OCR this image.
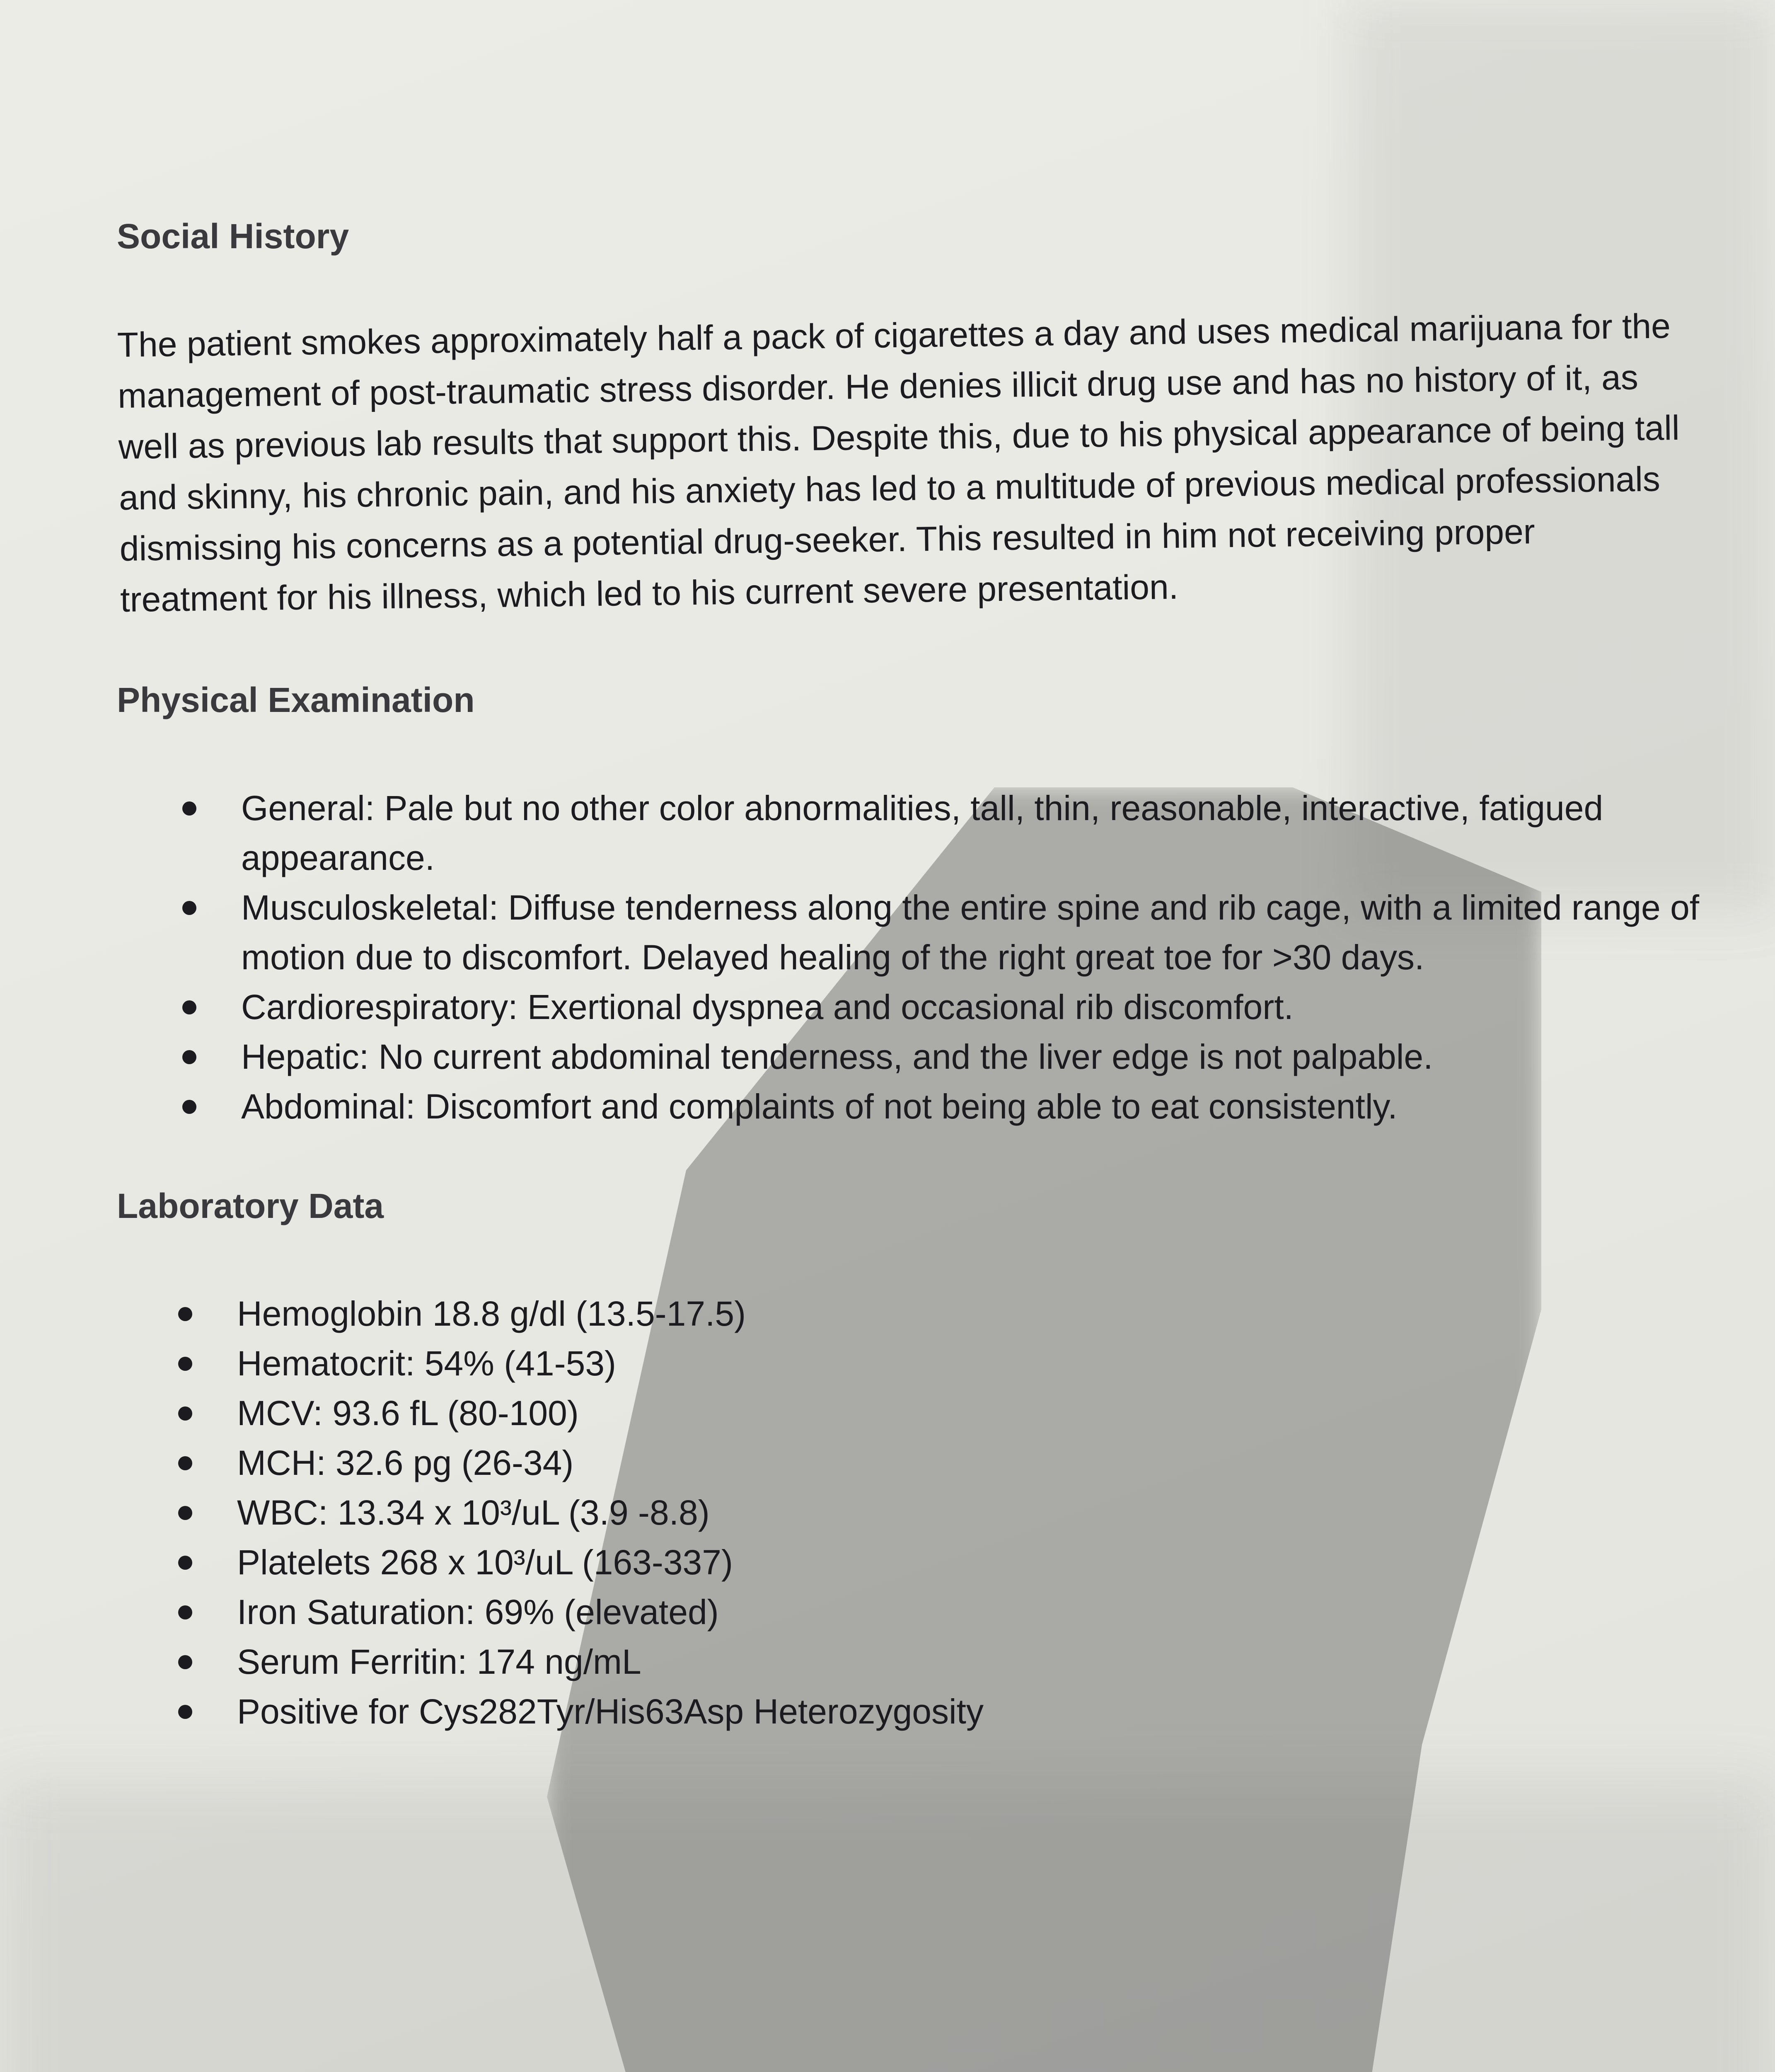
Social History

The patient smokes approximately half a pack of cigarettes a day and uses medical marijuana for the management of post-traumatic stress disorder. He denies illicit drug use and has no history of it, as well as previous lab results that support this. Despite this, due to his physical appearance of being tall and skinny, his chronic pain, and his anxiety has led to a multitude of previous medical professionals dismissing his concerns as a potential drug-seeker. This resulted in him not receiving proper treatment for his illness, which led to his current severe presentation.

Physical Examination
General: Pale but no other color abnormalities, tall, thin, reasonable, interactive, fatigued appearance.
Musculoskeletal: Diffuse tenderness along the entire spine and rib cage, with a limited range of motion due to discomfort. Delayed healing of the right great toe for >30 days.
Cardiorespiratory: Exertional dyspnea and occasional rib discomfort.
Hepatic: No current abdominal tenderness, and the liver edge is not palpable.
Abdominal: Discomfort and complaints of not being able to eat consistently.
Laboratory Data
Hemoglobin 18.8 g/dl (13.5-17.5)
Hematocrit: 54% (41-53)
MCV: 93.6 fL (80-100)
MCH: 32.6 pg (26-34)
WBC: 13.34 x 10³/uL (3.9 -8.8)
Platelets 268 x 10³/uL (163-337)
Iron Saturation: 69% (elevated)
Serum Ferritin: 174 ng/mL
Positive for Cys282Tyr/His63Asp Heterozygosity
